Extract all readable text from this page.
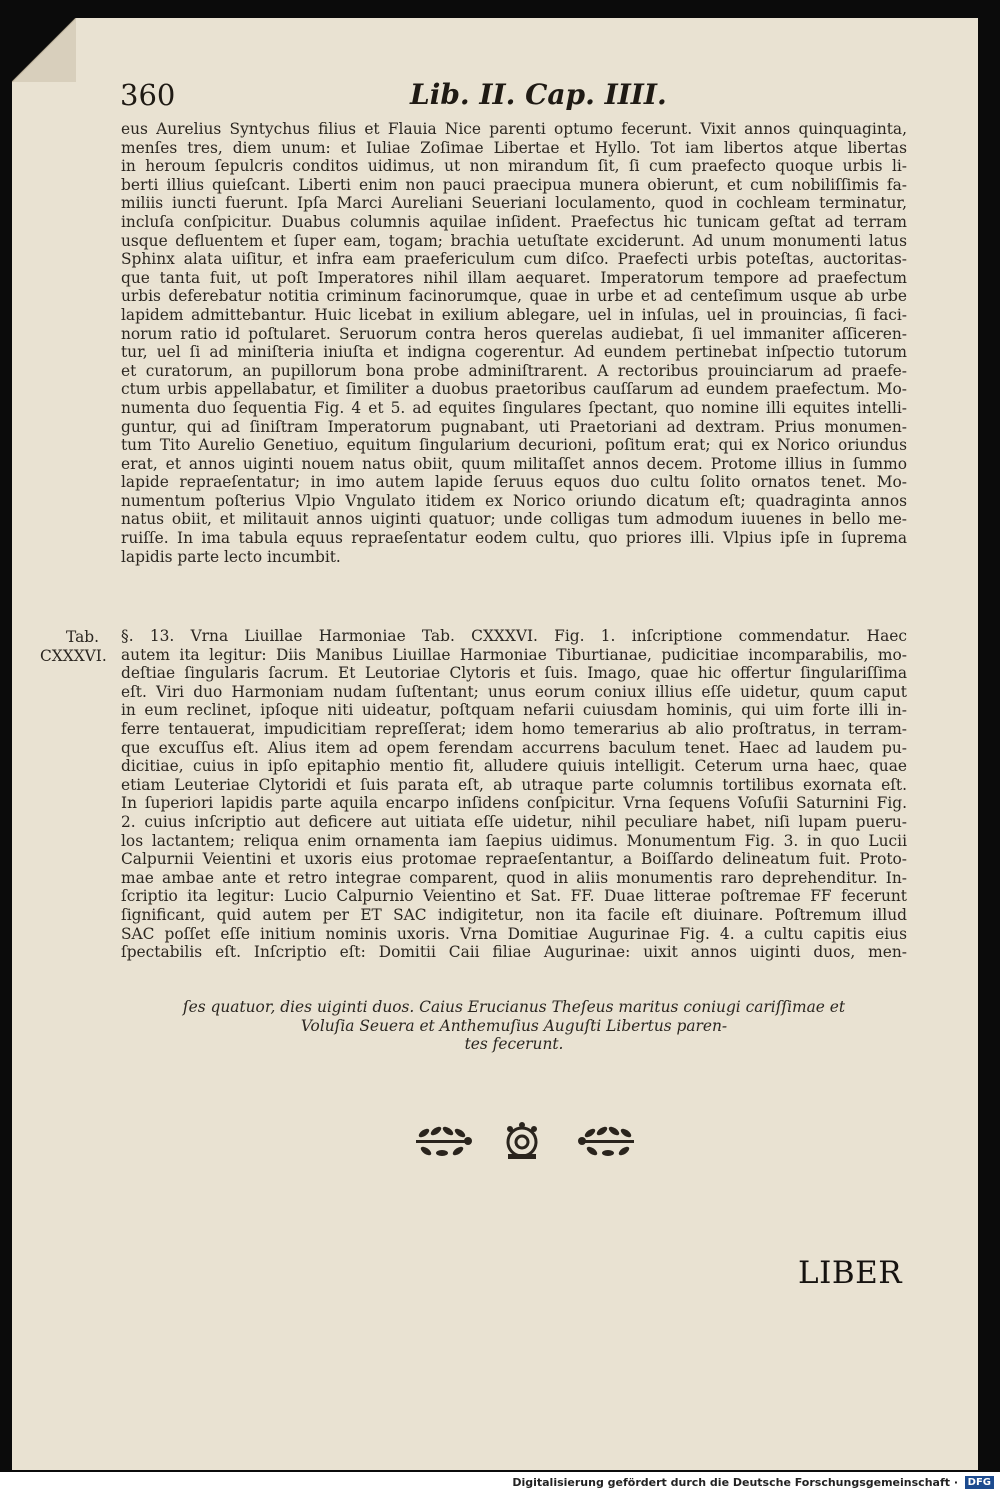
360	Lib. II. Cap. IIII.
eus Aurelius Syntychus filius et Flauia Nice parenti optumo fecerunt. Vixit annos quinquaginta,
menſes tres, diem unum: et Iuliae Zoſimae Libertae et Hyllo. Tot iam libertos atque libertas
in heroum ſepulcris conditos uidimus, ut non mirandum ſit, ſi cum praefecto quoque urbis li-
berti illius quieſcant. Liberti enim non pauci praecipua munera obierunt, et cum nobiliſſimis fa-
miliis iuncti fuerunt. Ipſa Marci Aureliani Seueriani loculamento, quod in cochleam terminatur,
incluſa conſpicitur. Duabus columnis aquilae inſident. Praefectus hic tunicam geſtat ad terram
usque defluentem et ſuper eam, togam; brachia uetuſtate exciderunt. Ad unum monumenti latus
Sphinx alata uiſitur, et infra eam praefericulum cum diſco. Praefecti urbis poteſtas, auctoritas-
que tanta fuit, ut poſt Imperatores nihil illam aequaret. Imperatorum tempore ad praefectum
urbis deferebatur notitia criminum facinorumque, quae in urbe et ad centeſimum usque ab urbe
lapidem admittebantur. Huic licebat in exilium ablegare, uel in inſulas, uel in prouincias, ſi faci-
norum ratio id poſtularet. Seruorum contra heros querelas audiebat, ſi uel immaniter aſſiceren-
tur, uel ſi ad miniſteria iniuſta et indigna cogerentur. Ad eundem pertinebat inſpectio tutorum
et curatorum, an pupillorum bona probe adminiſtrarent. A rectoribus prouinciarum ad praefe-
ctum urbis appellabatur, et ſimiliter a duobus praetoribus cauſſarum ad eundem praefectum. Mo-
numenta duo ſequentia Fig. 4 et 5. ad equites ſingulares ſpectant, quo nomine illi equites intelli-
guntur, qui ad ſiniſtram Imperatorum pugnabant, uti Praetoriani ad dextram. Prius monumen-
tum Tito Aurelio Genetiuo, equitum ſingularium decurioni, poſitum erat; qui ex Norico oriundus
erat, et annos uiginti nouem natus obiit, quum militaſſet annos decem. Protome illius in ſummo
lapide repraeſentatur; in imo autem lapide ſeruus equos duo cultu ſolito ornatos tenet. Mo-
numentum poſterius Vlpio Vngulato itidem ex Norico oriundo dicatum eſt; quadraginta annos
natus obiit, et militauit annos uiginti quatuor; unde colligas tum admodum iuuenes in bello me-
ruiſſe. In ima tabula equus repraeſentatur eodem cultu, quo priores illi. Vlpius ipſe in ſuprema
lapidis parte lecto incumbit.
Tab.
CXXXVI.
§. 13. Vrna Liuillae Harmoniae Tab. CXXXVI. Fig. 1. inſcriptione commendatur. Haec
autem ita legitur: Diis Manibus Liuillae Harmoniae Tiburtianae, pudicitiae incomparabilis, mo-
deſtiae ſingularis ſacrum. Et Leutoriae Clytoris et ſuis. Imago, quae hic offertur ſingulariſſima
eſt. Viri duo Harmoniam nudam ſuſtentant; unus eorum coniux illius eſſe uidetur, quum caput
in eum reclinet, ipſoque niti uideatur, poſtquam nefarii cuiusdam hominis, qui uim forte illi in-
ferre tentauerat, impudicitiam repreſſerat; idem homo temerarius ab alio proſtratus, in terram-
que excuſſus eſt. Alius item ad opem ferendam accurrens baculum tenet. Haec ad laudem pu-
dicitiae, cuius in ipſo epitaphio mentio fit, alludere quiuis intelligit. Ceterum urna haec, quae
etiam Leuteriae Clytoridi et ſuis parata eſt, ab utraque parte columnis tortilibus exornata eſt.
In ſuperiori lapidis parte aquila encarpo inſidens conſpicitur. Vrna ſequens Voſuſii Saturnini Fig.
2. cuius inſcriptio aut deficere aut uitiata eſſe uidetur, nihil peculiare habet, niſi lupam pueru-
los lactantem; reliqua enim ornamenta iam ſaepius uidimus. Monumentum Fig. 3. in quo Lucii
Calpurnii Veientini et uxoris eius protomae repraeſentantur, a Boiſſardo delineatum fuit. Proto-
mae ambae ante et retro integrae comparent, quod in aliis monumentis raro deprehenditur. In-
ſcriptio ita legitur: Lucio Calpurnio Veientino et Sat. FF. Duae litterae poſtremae FF fecerunt
ſignificant, quid autem per ET SAC indigitetur, non ita facile eſt diuinare. Poſtremum illud
SAC poſſet eſſe initium nominis uxoris. Vrna Domitiae Augurinae Fig. 4. a cultu capitis eius
ſpectabilis eſt. Inſcriptio eſt: Domitii Caii filiae Augurinae: uixit annos uiginti duos, men-
ſes quatuor, dies uiginti duos. Caius Erucianus Theſeus maritus coniugi cariſſimae et
Voluſia Seuera et Anthemuſius Auguſti Libertus paren-
tes fecerunt.
LIBER
Digitalisierung gefördert durch die Deutsche Forschungsgemeinschaft · DFG
